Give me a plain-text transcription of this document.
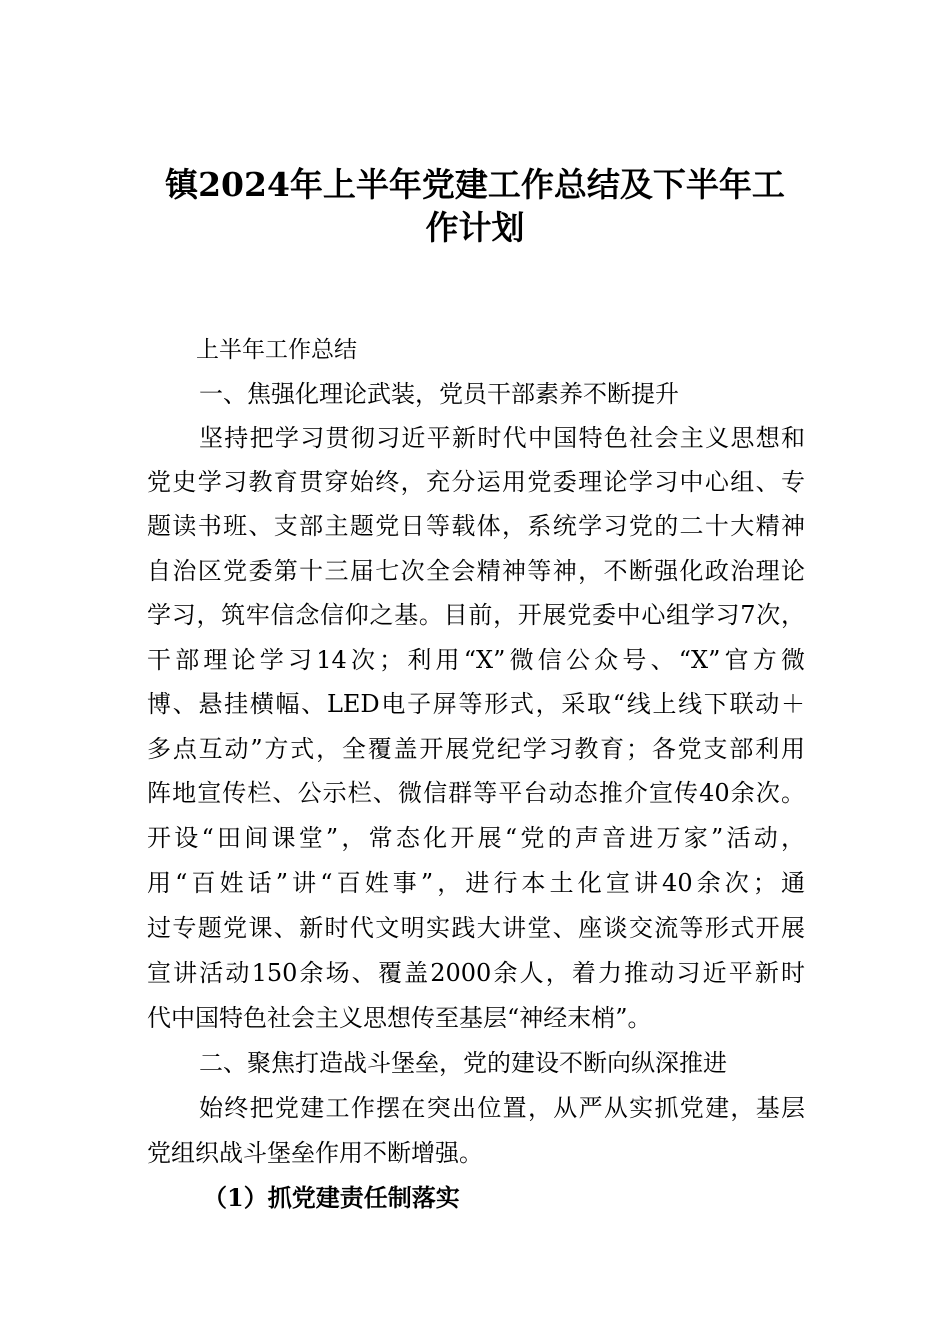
镇2024年上半年党建工作总结及下半年工
作计划
上半年工作总结
一、焦强化理论武装，党员干部素养不断提升
坚持把学习贯彻习近平新时代中国特色社会主义思想和
党史学习教育贯穿始终，充分运用党委理论学习中心组、专
题读书班、支部主题党日等载体，系统学习党的二十大精神
自治区党委第十三届七次全会精神等神，不断强化政治理论
学习，筑牢信念信仰之基。目前，开展党委中心组学习7次，
干部理论学习14次；利用“X”微信公众号、“X”官方微
博、悬挂横幅、LED电子屏等形式，采取“线上线下联动＋
多点互动”方式，全覆盖开展党纪学习教育；各党支部利用
阵地宣传栏、公示栏、微信群等平台动态推介宣传40余次。
开设“田间课堂”，常态化开展“党的声音进万家”活动，
用“百姓话”讲“百姓事”，进行本土化宣讲40余次；通
过专题党课、新时代文明实践大讲堂、座谈交流等形式开展
宣讲活动150余场、覆盖2000余人，着力推动习近平新时
代中国特色社会主义思想传至基层“神经末梢”。
二、聚焦打造战斗堡垒，党的建设不断向纵深推进
始终把党建工作摆在突出位置，从严从实抓党建，基层
党组织战斗堡垒作用不断增强。
（1）抓党建责任制落实
